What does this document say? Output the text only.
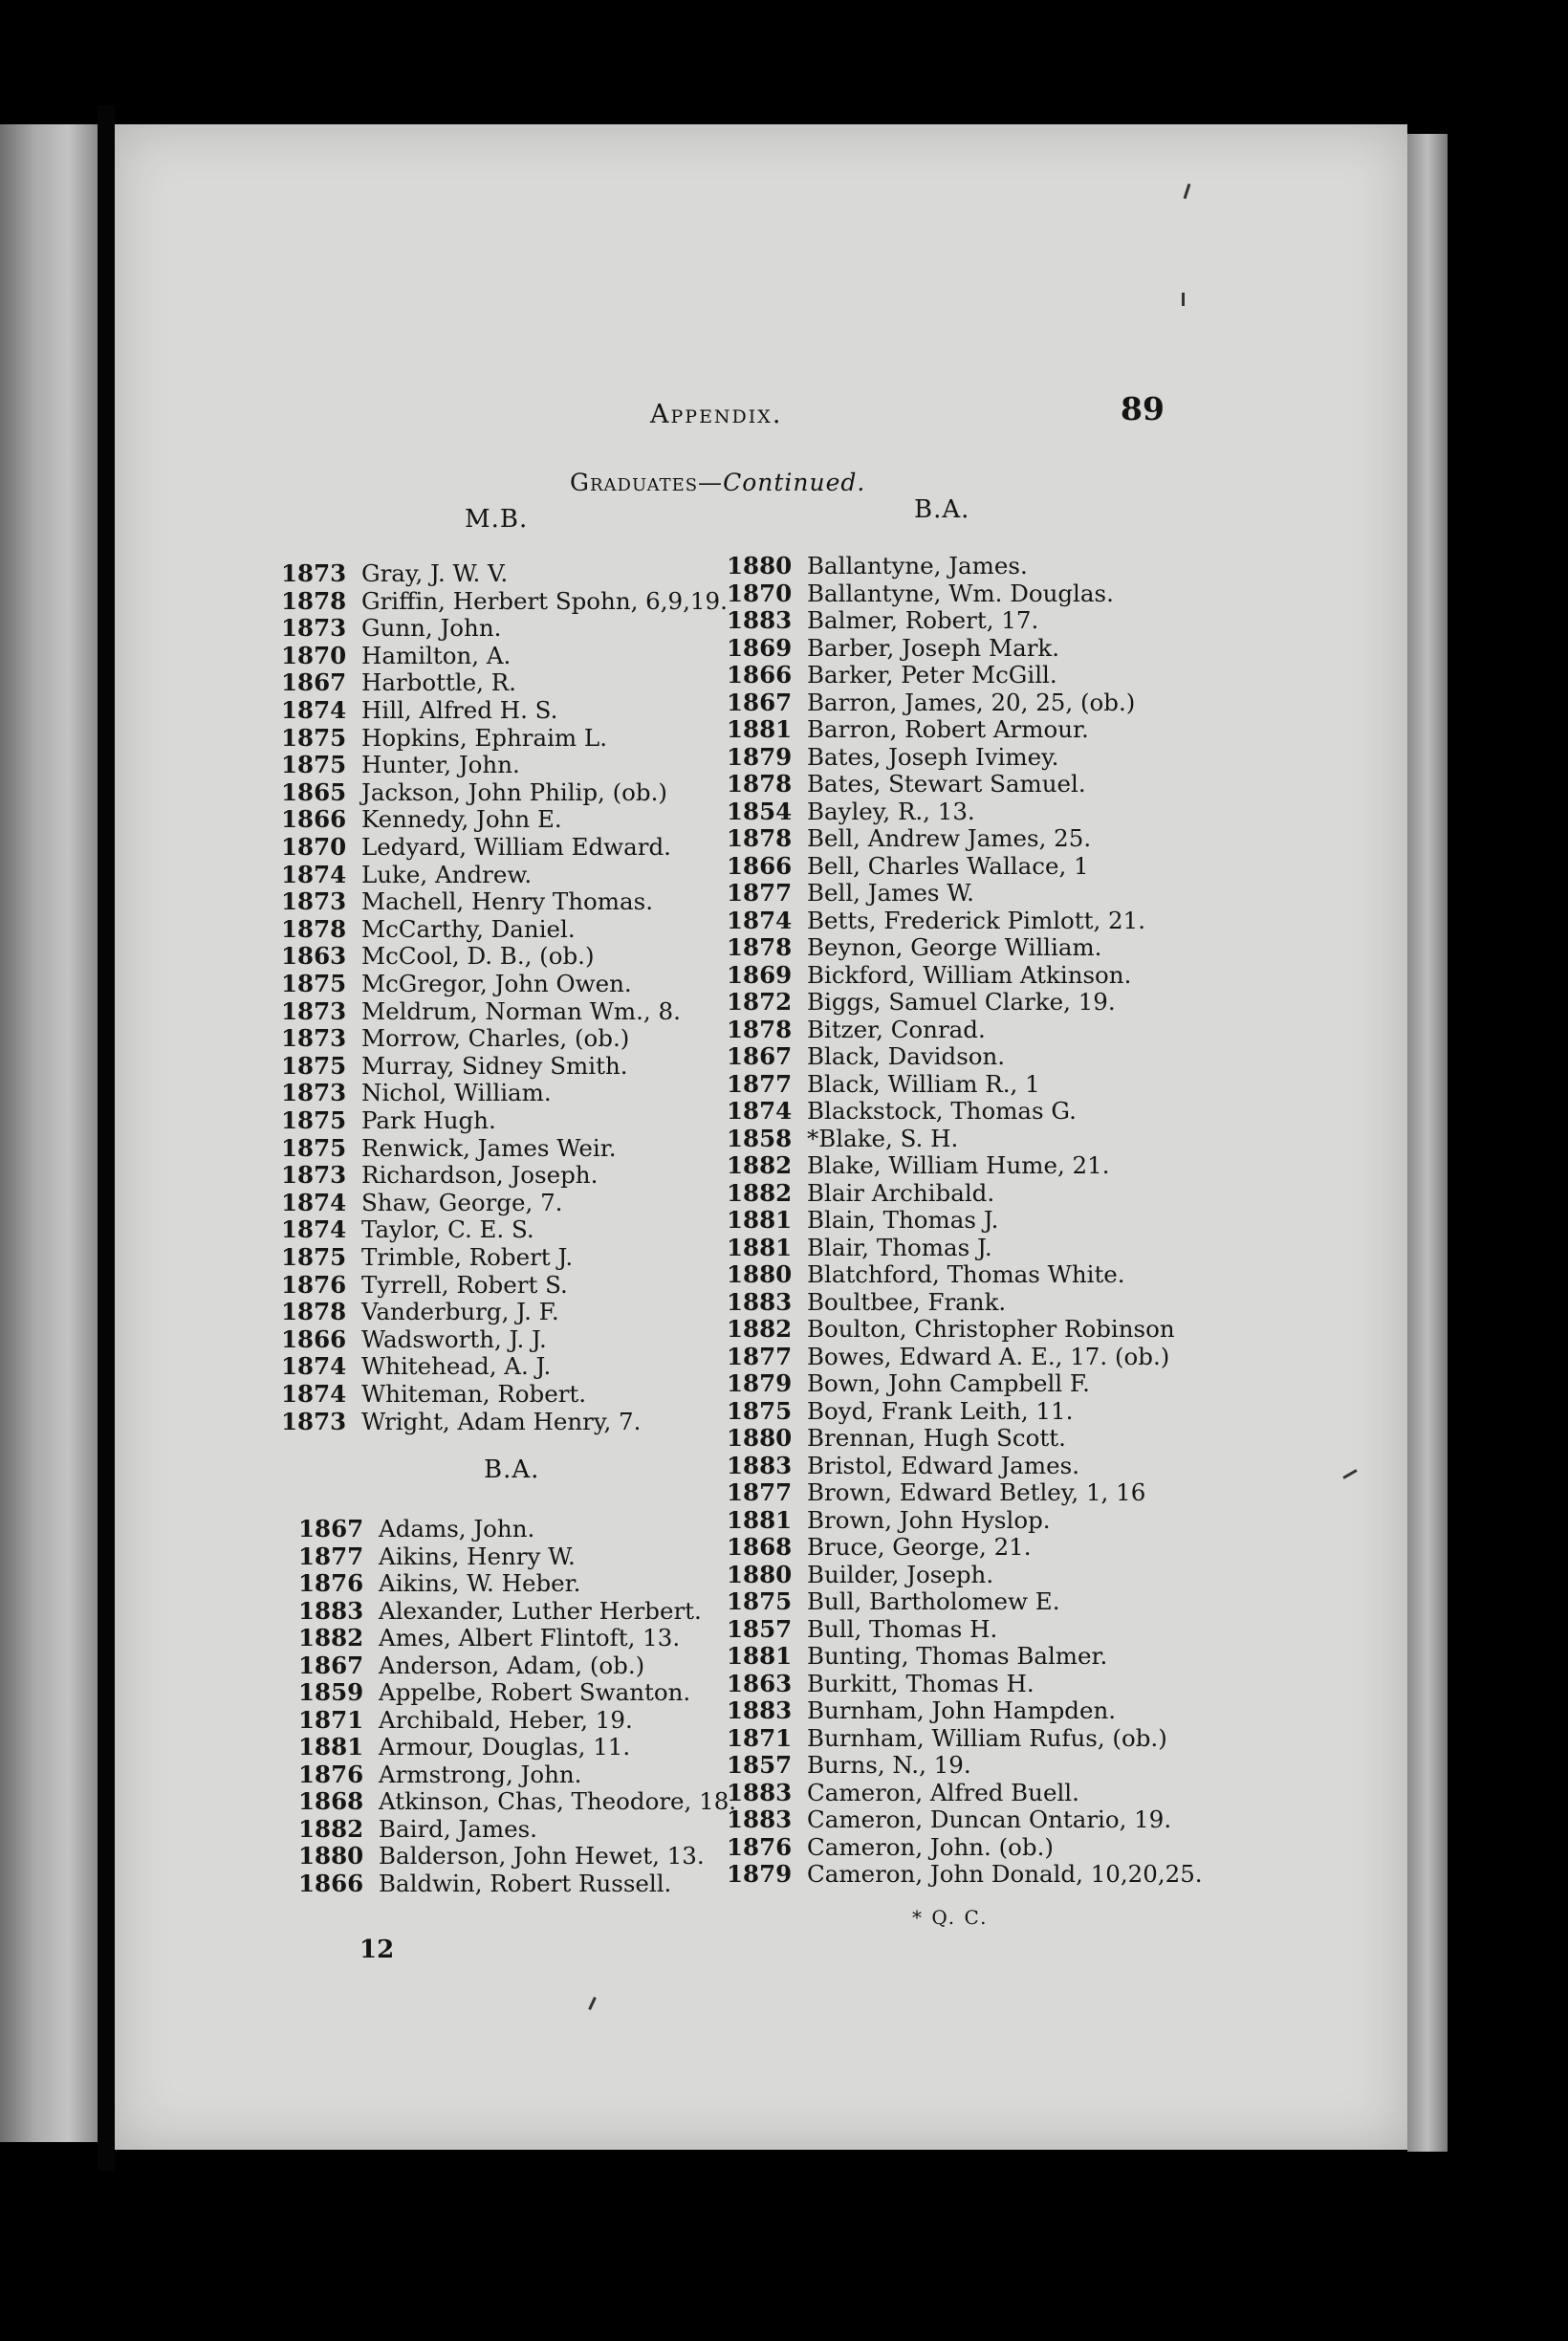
Appendix.	89
Graduates—Continued.
M.B.	B.A.
B.A.
1873 Gray, J. W. V.
1878 Griffin, Herbert Spohn, 6,9,19.
1873 Gunn, John.
1870 Hamilton, A.
1867 Harbottle, R.
1874 Hill, Alfred H. S.
1875 Hopkins, Ephraim L.
1875 Hunter, John.
1865 Jackson, John Philip, (ob.)
1866 Kennedy, John E.
1870 Ledyard, William Edward.
1874 Luke, Andrew.
1873 Machell, Henry Thomas.
1878 McCarthy, Daniel.
1863 McCool, D. B., (ob.)
1875 McGregor, John Owen.
1873 Meldrum, Norman Wm., 8.
1873 Morrow, Charles, (ob.)
1875 Murray, Sidney Smith.
1873 Nichol, William.
1875 Park Hugh.
1875 Renwick, James Weir.
1873 Richardson, Joseph.
1874 Shaw, George, 7.
1874 Taylor, C. E. S.
1875 Trimble, Robert J.
1876 Tyrrell, Robert S.
1878 Vanderburg, J. F.
1866 Wadsworth, J. J.
1874 Whitehead, A. J.
1874 Whiteman, Robert.
1873 Wright, Adam Henry, 7.
1867 Adams, John.
1877 Aikins, Henry W.
1876 Aikins, W. Heber.
1883 Alexander, Luther Herbert.
1882 Ames, Albert Flintoft, 13.
1867 Anderson, Adam, (ob.)
1859 Appelbe, Robert Swanton.
1871 Archibald, Heber, 19.
1881 Armour, Douglas, 11.
1876 Armstrong, John.
1868 Atkinson, Chas, Theodore, 18.
1882 Baird, James.
1880 Balderson, John Hewet, 13.
1866 Baldwin, Robert Russell.
1880 Ballantyne, James.
1870 Ballantyne, Wm. Douglas.
1883 Balmer, Robert, 17.
1869 Barber, Joseph Mark.
1866 Barker, Peter McGill.
1867 Barron, James, 20, 25, (ob.)
1881 Barron, Robert Armour.
1879 Bates, Joseph Ivimey.
1878 Bates, Stewart Samuel.
1854 Bayley, R., 13.
1878 Bell, Andrew James, 25.
1866 Bell, Charles Wallace, 1
1877 Bell, James W.
1874 Betts, Frederick Pimlott, 21.
1878 Beynon, George William.
1869 Bickford, William Atkinson.
1872 Biggs, Samuel Clarke, 19.
1878 Bitzer, Conrad.
1867 Black, Davidson.
1877 Black, William R., 1
1874 Blackstock, Thomas G.
1858 *Blake, S. H.
1882 Blake, William Hume, 21.
1882 Blair Archibald.
1881 Blain, Thomas J.
1881 Blair, Thomas J.
1880 Blatchford, Thomas White.
1883 Boultbee, Frank.
1882 Boulton, Christopher Robinson
1877 Bowes, Edward A. E., 17. (ob.)
1879 Bown, John Campbell F.
1875 Boyd, Frank Leith, 11.
1880 Brennan, Hugh Scott.
1883 Bristol, Edward James.
1877 Brown, Edward Betley, 1, 16
1881 Brown, John Hyslop.
1868 Bruce, George, 21.
1880 Builder, Joseph.
1875 Bull, Bartholomew E.
1857 Bull, Thomas H.
1881 Bunting, Thomas Balmer.
1863 Burkitt, Thomas H.
1883 Burnham, John Hampden.
1871 Burnham, William Rufus, (ob.)
1857 Burns, N., 19.
1883 Cameron, Alfred Buell.
1883 Cameron, Duncan Ontario, 19.
1876 Cameron, John. (ob.)
1879 Cameron, John Donald, 10,20,25.
* Q. C.
12
